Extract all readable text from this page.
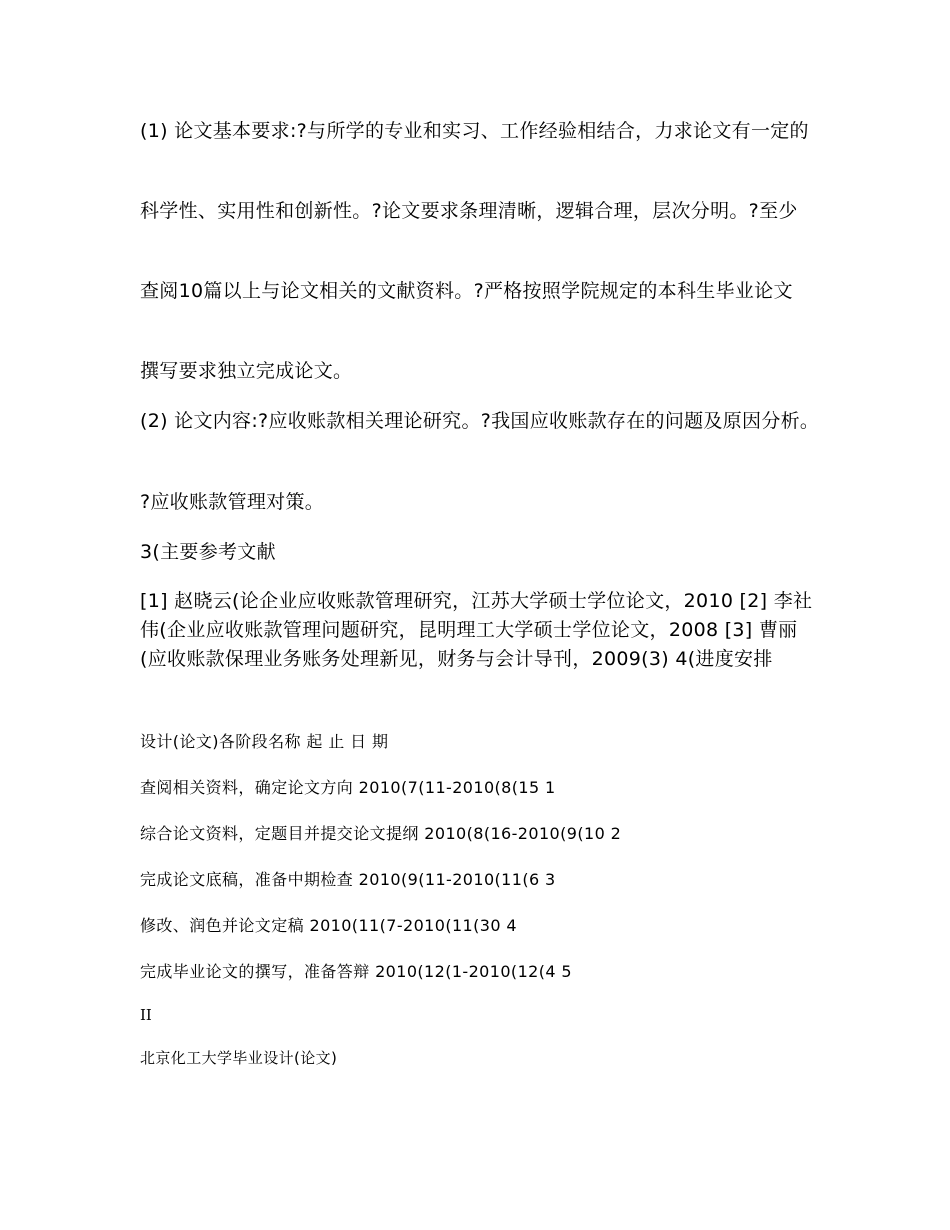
(1) 论文基本要求:?与所学的专业和实习、工作经验相结合，力求论文有一定的

科学性、实用性和创新性。?论文要求条理清晰，逻辑合理，层次分明。?至少

查阅10篇以上与论文相关的文献资料。?严格按照学院规定的本科生毕业论文

撰写要求独立完成论文。

(2) 论文内容:?应收账款相关理论研究。?我国应收账款存在的问题及原因分析。

?应收账款管理对策。

3(主要参考文献

[1] 赵晓云(论企业应收账款管理研究，江苏大学硕士学位论文，2010 [2] 李社伟(企业应收账款管理问题研究，昆明理工大学硕士学位论文，2008 [3] 曹丽(应收账款保理业务账务处理新见，财务与会计导刊，2009(3) 4(进度安排

设计(论文)各阶段名称 起 止 日 期
查阅相关资料，确定论文方向 2010(7(11-2010(8(15 1
综合论文资料，定题目并提交论文提纲 2010(8(16-2010(9(10 2
完成论文底稿，准备中期检查 2010(9(11-2010(11(6 3
修改、润色并论文定稿 2010(11(7-2010(11(30 4
完成毕业论文的撰写，准备答辩 2010(12(1-2010(12(4 5
II
北京化工大学毕业设计(论文)
